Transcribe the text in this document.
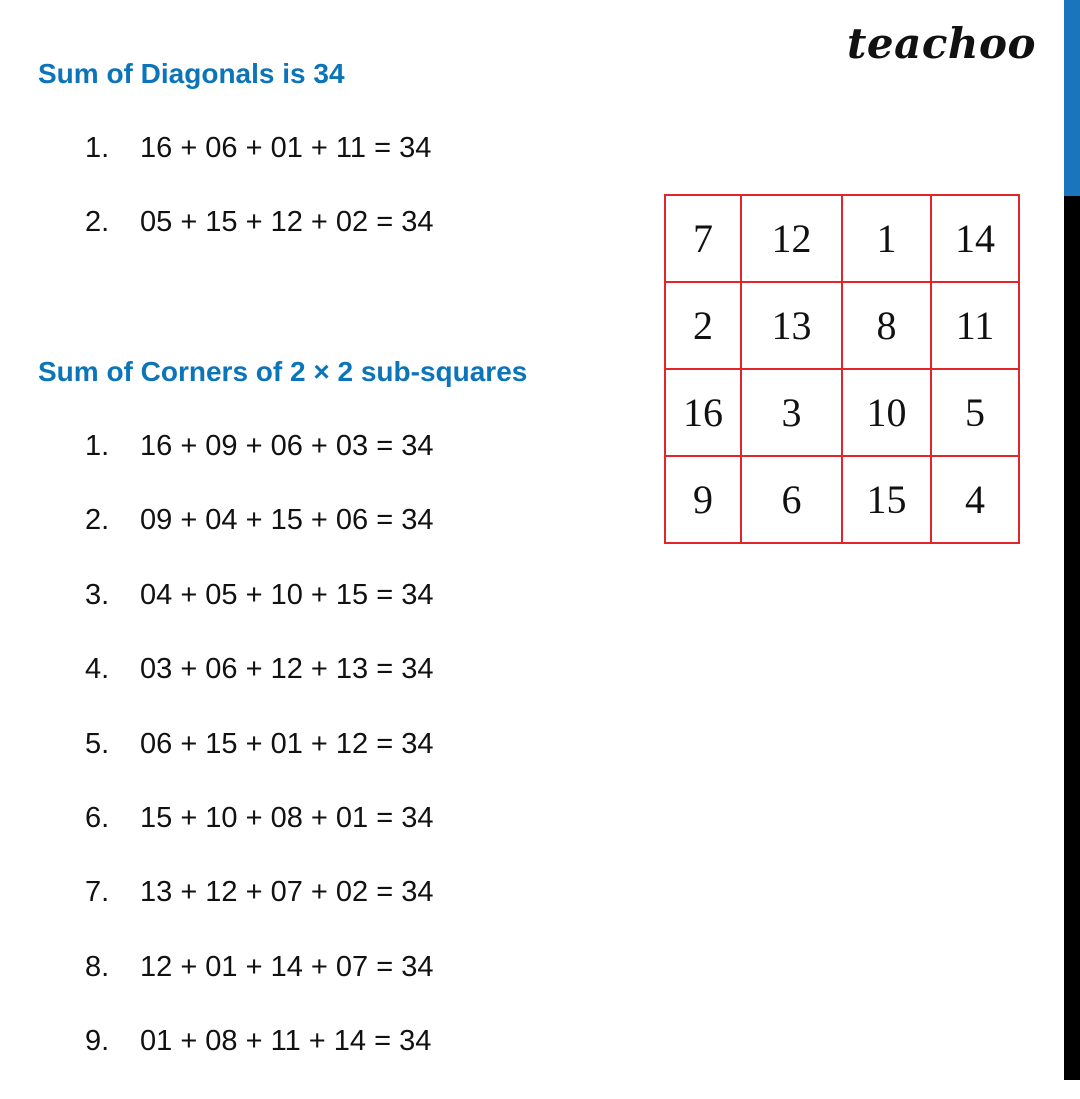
teachoo
Sum of Diagonals is 34
1. 16 + 06 + 01 + 11 = 34
2. 05 + 15 + 12 + 02 = 34
Sum of Corners of 2 × 2 sub-squares
1. 16 + 09 + 06 + 03 = 34
2. 09 + 04 + 15 + 06 = 34
3. 04 + 05 + 10 + 15 = 34
4. 03 + 06 + 12 + 13 = 34
5. 06 + 15 + 01 + 12 = 34
6. 15 + 10 + 08 + 01 = 34
7. 13 + 12 + 07 + 02 = 34
8. 12 + 01 + 14 + 07 = 34
9. 01 + 08 + 11 + 14 = 34
7	12	1	14
2	13	8	11
16	3	10	5
9	6	15	4
